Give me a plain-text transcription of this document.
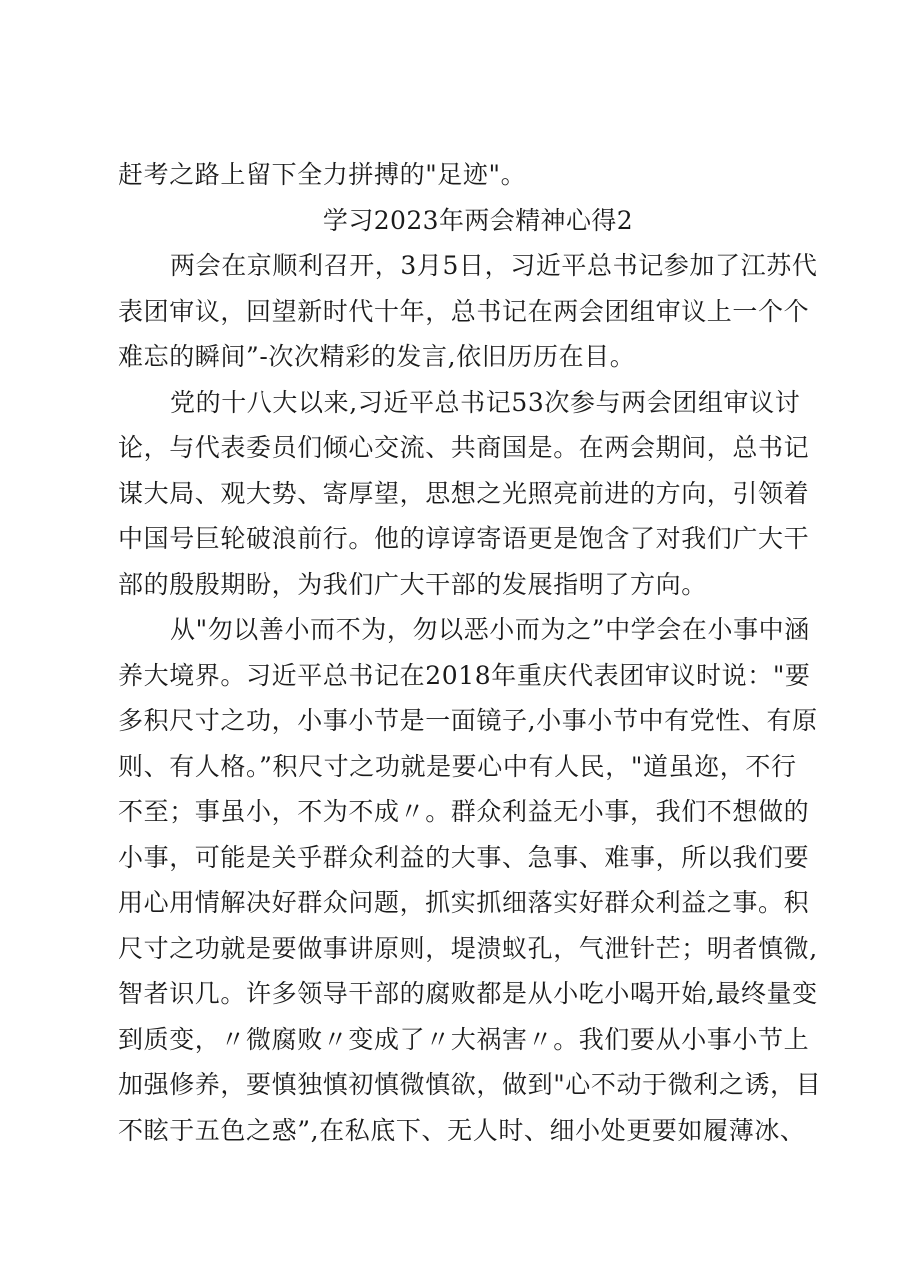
赶考之路上留下全力拼搏的"足迹"。
学习2023年两会精神心得2
两会在京顺利召开，3月5日，习近平总书记参加了江苏代
表团审议，回望新时代十年，总书记在两会团组审议上一个个
难忘的瞬间”-次次精彩的发言,依旧历历在目。
党的十八大以来,习近平总书记53次参与两会团组审议讨
论，与代表委员们倾心交流、共商国是。在两会期间，总书记
谋大局、观大势、寄厚望，思想之光照亮前进的方向，引领着
中国号巨轮破浪前行。他的谆谆寄语更是饱含了对我们广大干
部的殷殷期盼，为我们广大干部的发展指明了方向。
从"勿以善小而不为，勿以恶小而为之”中学会在小事中涵
养大境界。习近平总书记在2018年重庆代表团审议时说："要
多积尺寸之功，小事小节是一面镜子,小事小节中有党性、有原
则、有人格。”积尺寸之功就是要心中有人民，"道虽迩，不行
不至；事虽小，不为不成〃。群众利益无小事，我们不想做的
小事，可能是关乎群众利益的大事、急事、难事，所以我们要
用心用情解决好群众问题，抓实抓细落实好群众利益之事。积
尺寸之功就是要做事讲原则，堤溃蚁孔，气泄针芒；明者慎微,
智者识几。许多领导干部的腐败都是从小吃小喝开始,最终量变
到质变，〃微腐败〃变成了〃大祸害〃。我们要从小事小节上
加强修养，要慎独慎初慎微慎欲，做到"心不动于微利之诱，目
不眩于五色之惑”,在私底下、无人时、细小处更要如履薄冰、
